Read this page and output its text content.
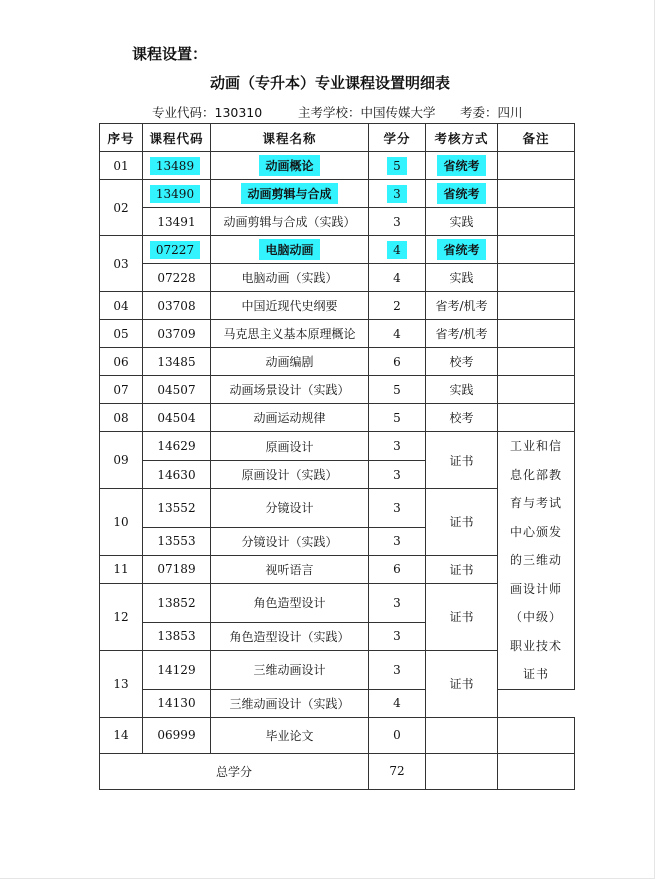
课程设置：
动画（专升本）专业课程设置明细表
专业代码：130310	主考学校：中国传媒大学 考委：四川
序号	课程代码	课程名称	学分	考核方式	备注
01	13489	动画概论	5	省统考	
02	13490	动画剪辑与合成	3	省统考	
	13491	动画剪辑与合成（实践）	3	实践	
03	07227	电脑动画	4	省统考	
	07228	电脑动画（实践）	4	实践	
04	03708	中国近现代史纲要	2	省考/机考	
05	03709	马克思主义基本原理概论	4	省考/机考	
06	13485	动画编剧	6	校考	
07	04507	动画场景设计（实践）	5	实践	
08	04504	动画运动规律	5	校考	
09	14629	原画设计	3	证书	工业和信息化部教育与考试中心颁发的三维动画设计师（中级）职业技术证书
	14630	原画设计（实践）	3		
10	13552	分镜设计	3	证书	
	13553	分镜设计（实践）	3		
11	07189	视听语言	6	证书	
12	13852	角色造型设计	3	证书	
	13853	角色造型设计（实践）	3		
13	14129	三维动画设计	3	证书	
	14130	三维动画设计（实践）	4		
14	06999	毕业论文	0		
总学分			72		
